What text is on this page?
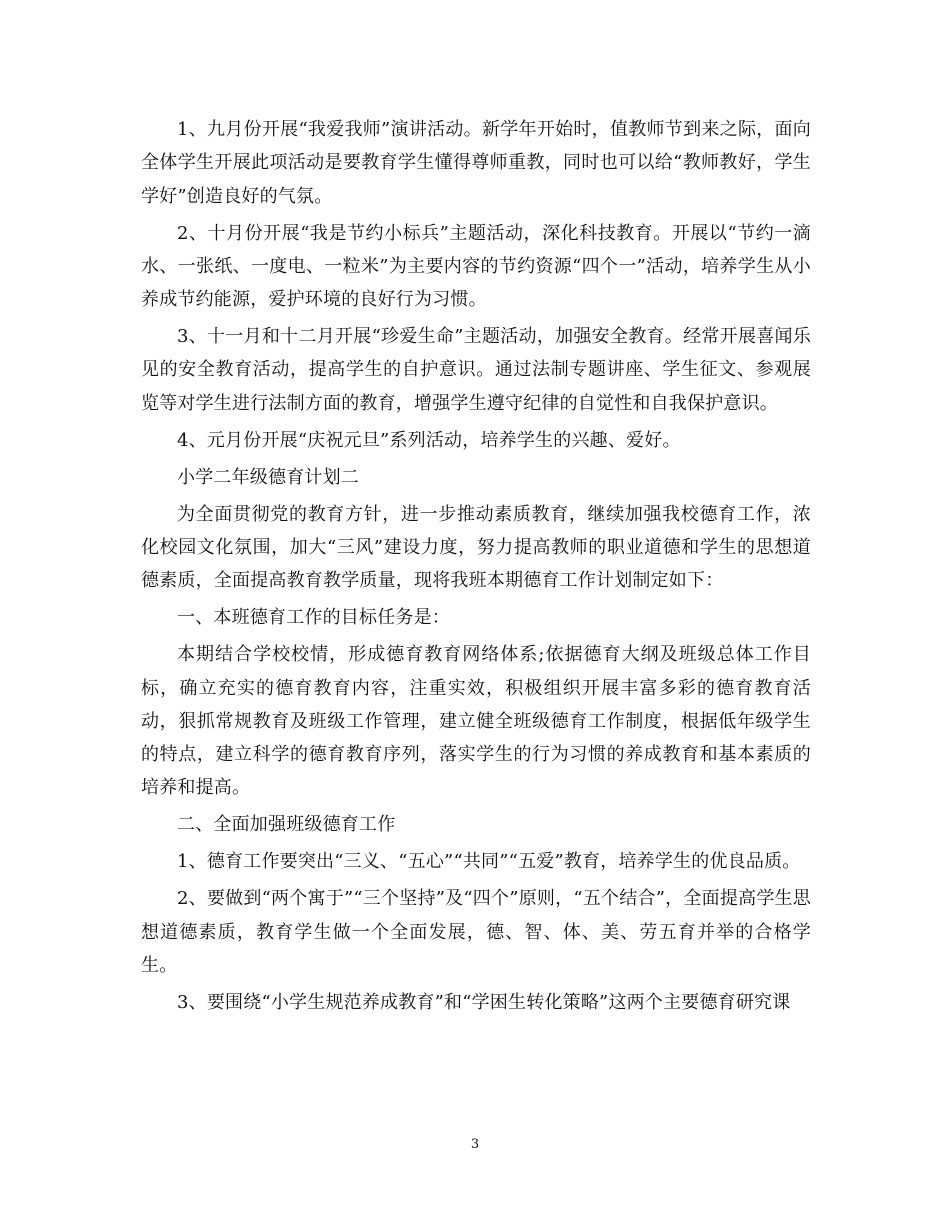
1、九月份开展“我爱我师”演讲活动。新学年开始时，值教师节到来之际，面向全体学生开展此项活动是要教育学生懂得尊师重教，同时也可以给“教师教好，学生学好”创造良好的气氛。

2、十月份开展“我是节约小标兵”主题活动，深化科技教育。开展以“节约一滴水、一张纸、一度电、一粒米”为主要内容的节约资源“四个一”活动，培养学生从小养成节约能源，爱护环境的良好行为习惯。

3、十一月和十二月开展“珍爱生命”主题活动，加强安全教育。经常开展喜闻乐见的安全教育活动，提高学生的自护意识。通过法制专题讲座、学生征文、参观展览等对学生进行法制方面的教育，增强学生遵守纪律的自觉性和自我保护意识。

4、元月份开展“庆祝元旦”系列活动，培养学生的兴趣、爱好。

小学二年级德育计划二

为全面贯彻党的教育方针，进一步推动素质教育，继续加强我校德育工作，浓化校园文化氛围，加大“三风”建设力度，努力提高教师的职业道德和学生的思想道德素质，全面提高教育教学质量，现将我班本期德育工作计划制定如下：

一、本班德育工作的目标任务是：

本期结合学校校情，形成德育教育网络体系;依据德育大纲及班级总体工作目标，确立充实的德育教育内容，注重实效，积极组织开展丰富多彩的德育教育活动，狠抓常规教育及班级工作管理，建立健全班级德育工作制度，根据低年级学生的特点，建立科学的德育教育序列，落实学生的行为习惯的养成教育和基本素质的培养和提高。

二、全面加强班级德育工作

1、德育工作要突出“三义、“五心”“共同”“五爱”教育，培养学生的优良品质。

2、要做到“两个寓于”“三个坚持”及“四个”原则，“五个结合”，全面提高学生思想道德素质，教育学生做一个全面发展，德、智、体、美、劳五育并举的合格学生。

3、要围绕“小学生规范养成教育”和“学困生转化策略”这两个主要德育研究课

3
